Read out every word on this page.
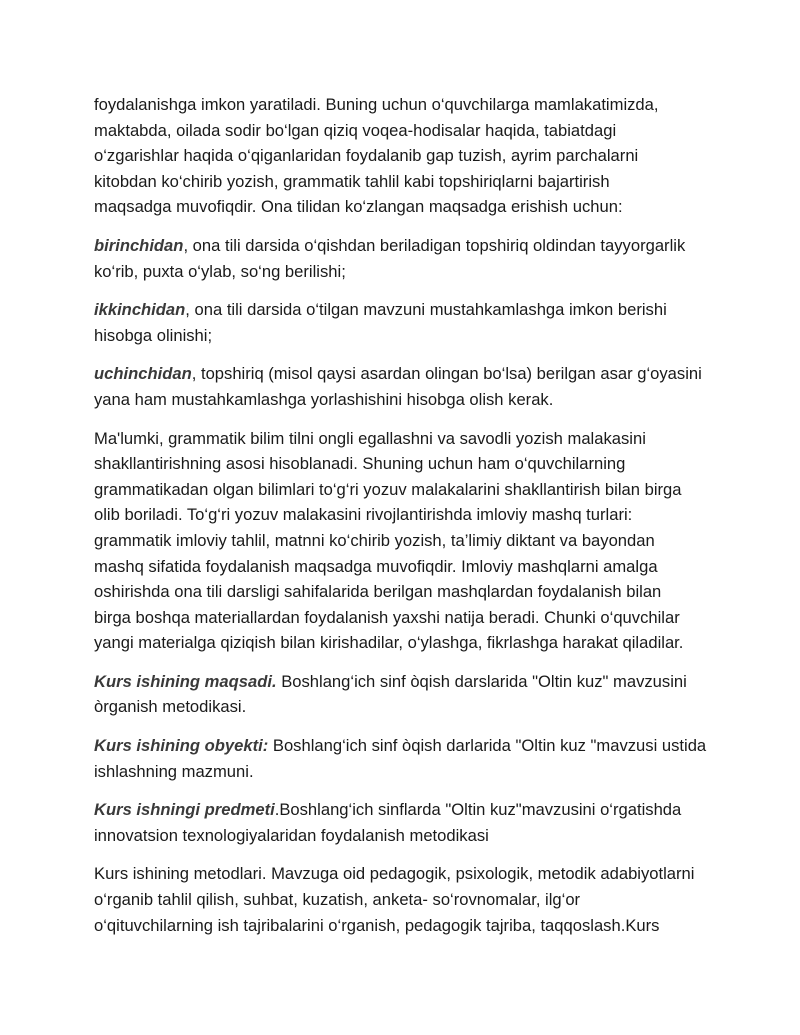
foydalanishga imkon yaratiladi. Buning uchun o‘quvchilarga mamlakatimizda,
maktabda, oilada sodir bo‘lgan qiziq voqea-hodisalar haqida, tabiatdagi
o‘zgarishlar haqida o‘qiganlaridan foydalanib gap tuzish, ayrim parchalarni
kitobdan ko‘chirib yozish, grammatik tahlil kabi topshiriqlarni bajartirish
maqsadga muvofiqdir. Ona tilidan ko‘zlangan maqsadga erishish uchun:

birinchidan, ona tili darsida o‘qishdan beriladigan topshiriq oldindan tayyorgarlik
ko‘rib, puxta o‘ylab, so‘ng berilishi;

ikkinchidan, ona tili darsida o‘tilgan mavzuni mustahkamlashga imkon berishi
hisobga olinishi;

uchinchidan, topshiriq (misol qaysi asardan olingan bo‘lsa) berilgan asar g‘oyasini
yana ham mustahkamlashga yorlashishini hisobga olish kerak.

Ma'lumki, grammatik bilim tilni ongli egallashni va savodli yozish malakasini
shakllantirishning asosi hisoblanadi. Shuning uchun ham o‘quvchilarning
grammatikadan olgan bilimlari to‘g‘ri yozuv malakalarini shakllantirish bilan birga
olib boriladi. To‘g‘ri yozuv malakasini rivojlantirishda imloviy mashq turlari:
grammatik imloviy tahlil, matnni ko‘chirib yozish, ta’limiy diktant va bayondan
mashq sifatida foydalanish maqsadga muvofiqdir. Imloviy mashqlarni amalga
oshirishda ona tili darsligi sahifalarida berilgan mashqlardan foydalanish bilan
birga boshqa materiallardan foydalanish yaxshi natija beradi. Chunki o‘quvchilar
yangi materialga qiziqish bilan kirishadilar, o‘ylashga, fikrlashga harakat qiladilar.

Kurs ishining maqsadi. Boshlang‘ich sinf òqish darslarida "Oltin kuz" mavzusini
òrganish metodikasi.

Kurs ishining obyekti: Boshlang‘ich sinf òqish darlarida "Oltin kuz "mavzusi ustida
ishlashning mazmuni.

Kurs ishningi predmeti.Boshlang‘ich sinflarda "Oltin kuz"mavzusini o‘rgatishda
innovatsion texnologiyalaridan foydalanish metodikasi

Kurs ishining metodlari. Mavzuga oid pedagogik, psixologik, metodik adabiyotlarni
o‘rganib tahlil qilish, suhbat, kuzatish, anketa- so‘rovnomalar, ilg‘or
o‘qituvchilarning ish tajribalarini o‘rganish, pedagogik tajriba, taqqoslash.Kurs
